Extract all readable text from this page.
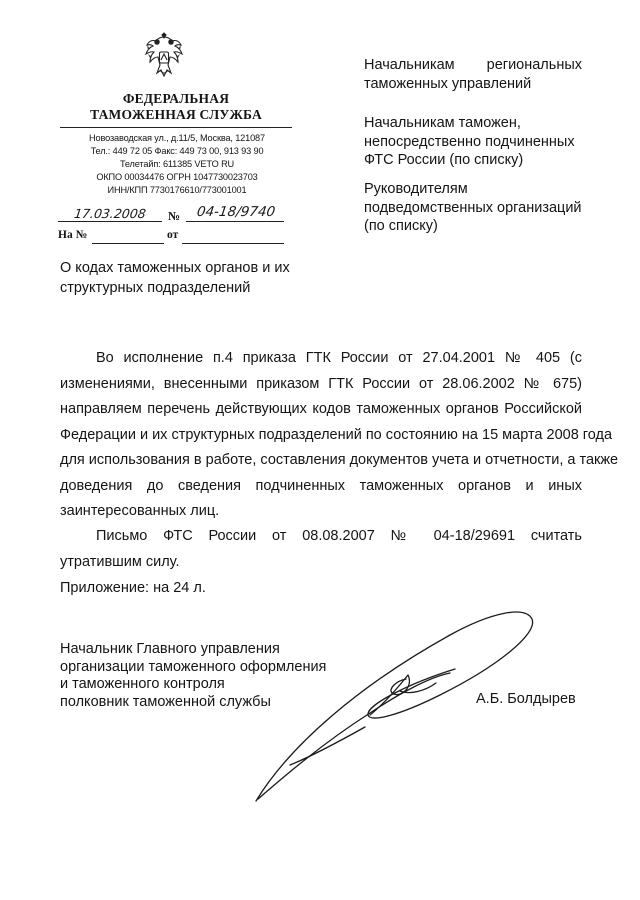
ФЕДЕРАЛЬНАЯ
ТАМОЖЕННАЯ СЛУЖБА
Новозаводская ул., д.11/5, Москва, 121087
Тел.: 449 72 05 Факс: 449 73 00, 913 93 90
Телетайп: 611385 VETO RU
ОКПО 00034476 ОГРН 1047730023703
ИНН/КПП 7730176610/773001001
17.03.2008	№	04-18/9740
На №	от
О кодах таможенных органов и их
структурных подразделений
Начальникам региональных
таможенных управлений
Начальникам таможен,
непосредственно подчиненных
ФТС России (по списку)
Руководителям
подведомственных организаций
(по списку)
Во исполнение п.4 приказа ГТК России от 27.04.2001 № 405 (с
изменениями, внесенными приказом ГТК России от 28.06.2002 № 675)
направляем перечень действующих кодов таможенных органов Российской
Федерации и их структурных подразделений по состоянию на 15 марта 2008 года
для использования в работе, составления документов учета и отчетности, а также
доведения до сведения подчиненных таможенных органов и иных
заинтересованных лиц.
Письмо ФТС России от 08.08.2007 № 04-18/29691 считать
утратившим силу.
Приложение: на 24 л.
Начальник Главного управления
организации таможенного оформления
и таможенного контроля
полковник таможенной службы	А.Б. Болдырев
